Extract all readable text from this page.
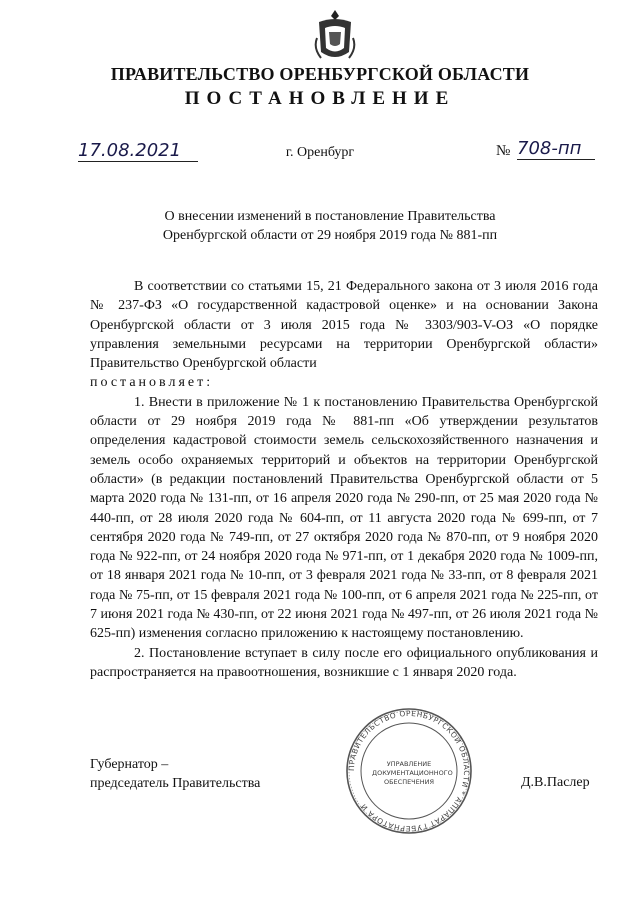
ПРАВИТЕЛЬСТВО ОРЕНБУРГСКОЙ ОБЛАСТИ
ПОСТАНОВЛЕНИЕ
17.08.2021	г. Оренбург	№ 708-пп
О внесении изменений в постановление Правительства
Оренбургской области от 29 ноября 2019 года № 881-пп

В соответствии со статьями 15, 21 Федерального закона от 3 июля 2016 года № 237-ФЗ «О государственной кадастровой оценке» и на основании Закона Оренбургской области от 3 июля 2015 года № 3303/903-V-ОЗ «О порядке управления земельными ресурсами на территории Оренбургской области» Правительство Оренбургской области

постановляет:

1. Внести в приложение № 1 к постановлению Правительства Оренбургской области от 29 ноября 2019 года № 881-пп «Об утверждении результатов определения кадастровой стоимости земель сельскохозяйственного назначения и земель особо охраняемых территорий и объектов на территории Оренбургской области» (в редакции постановлений Правительства Оренбургской области от 5 марта 2020 года № 131-пп, от 16 апреля 2020 года № 290-пп, от 25 мая 2020 года № 440-пп, от 28 июля 2020 года № 604-пп, от 11 августа 2020 года № 699-пп, от 7 сентября 2020 года № 749-пп, от 27 октября 2020 года № 870-пп, от 9 ноября 2020 года № 922-пп, от 24 ноября 2020 года № 971-пп, от 1 декабря 2020 года № 1009-пп, от 18 января 2021 года № 10-пп, от 3 февраля 2021 года № 33-пп, от 8 февраля 2021 года № 75-пп, от 15 февраля 2021 года № 100-пп, от 6 апреля 2021 года № 225-пп, от 7 июня 2021 года № 430-пп, от 22 июня 2021 года № 497-пп, от 26 июля 2021 года № 625-пп) изменения согласно приложению к настоящему постановлению.

2. Постановление вступает в силу после его официального опубликования и распространяется на правоотношения, возникшие с 1 января 2020 года.

Губернатор –
председатель Правительства
ПРАВИТЕЛЬСТВО ОРЕНБУРГСКОЙ ОБЛАСТИ * АППАРАТ ГУБЕРНАТОРА И
УПРАВЛЕНИЕ
ДОКУМЕНТАЦИОННОГО
ОБЕСПЕЧЕНИЯ	Д.В.Паслер
